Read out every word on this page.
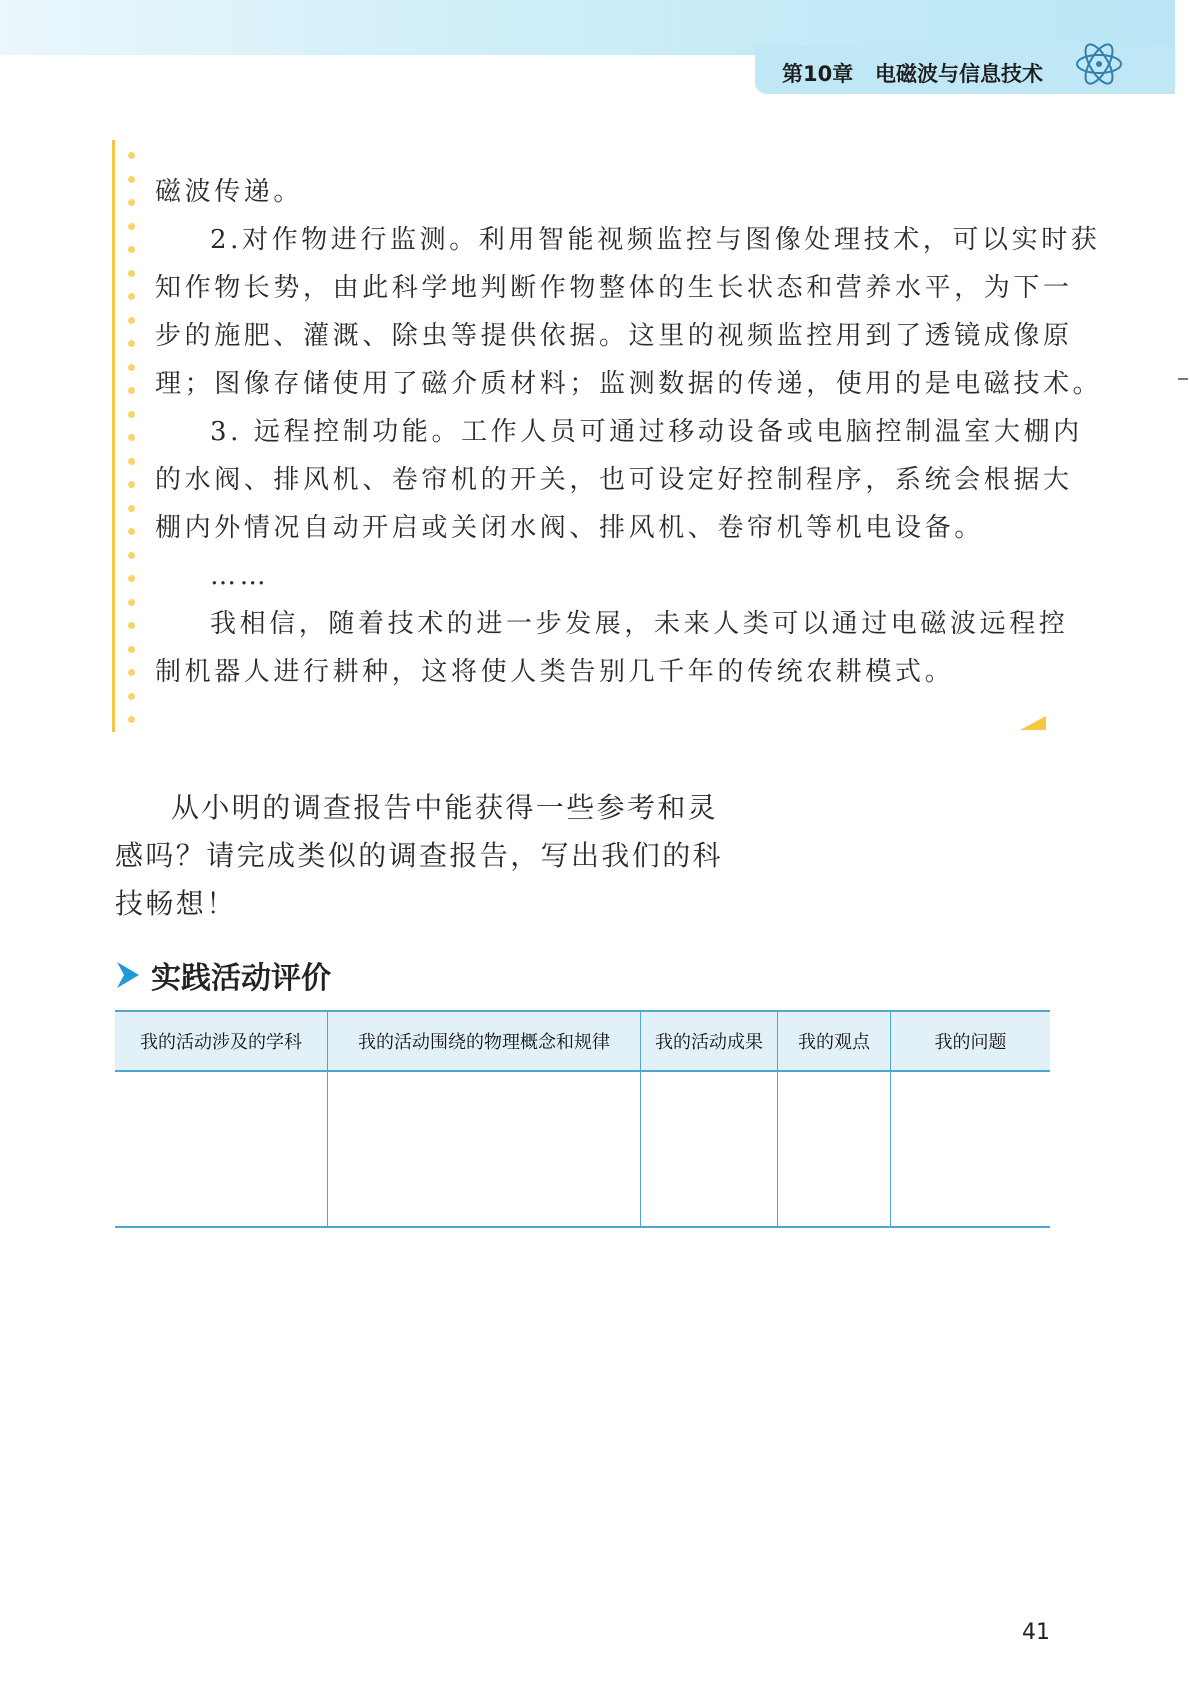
第10章 电磁波与信息技术

磁波传递。

2.对作物进行监测。利用智能视频监控与图像处理技术，可以实时获

知作物长势，由此科学地判断作物整体的生长状态和营养水平，为下一

步的施肥、灌溉、除虫等提供依据。这里的视频监控用到了透镜成像原

理；图像存储使用了磁介质材料；监测数据的传递，使用的是电磁技术。

3. 远程控制功能。工作人员可通过移动设备或电脑控制温室大棚内

的水阀、排风机、卷帘机的开关，也可设定好控制程序，系统会根据大

棚内外情况自动开启或关闭水阀、排风机、卷帘机等机电设备。

……

我相信，随着技术的进一步发展，未来人类可以通过电磁波远程控

制机器人进行耕种，这将使人类告别几千年的传统农耕模式。

从小明的调查报告中能获得一些参考和灵

感吗？请完成类似的调查报告，写出我们的科

技畅想！

实践活动评价
我的活动涉及的学科	我的活动围绕的物理概念和规律	我的活动成果	我的观点	我的问题

41
